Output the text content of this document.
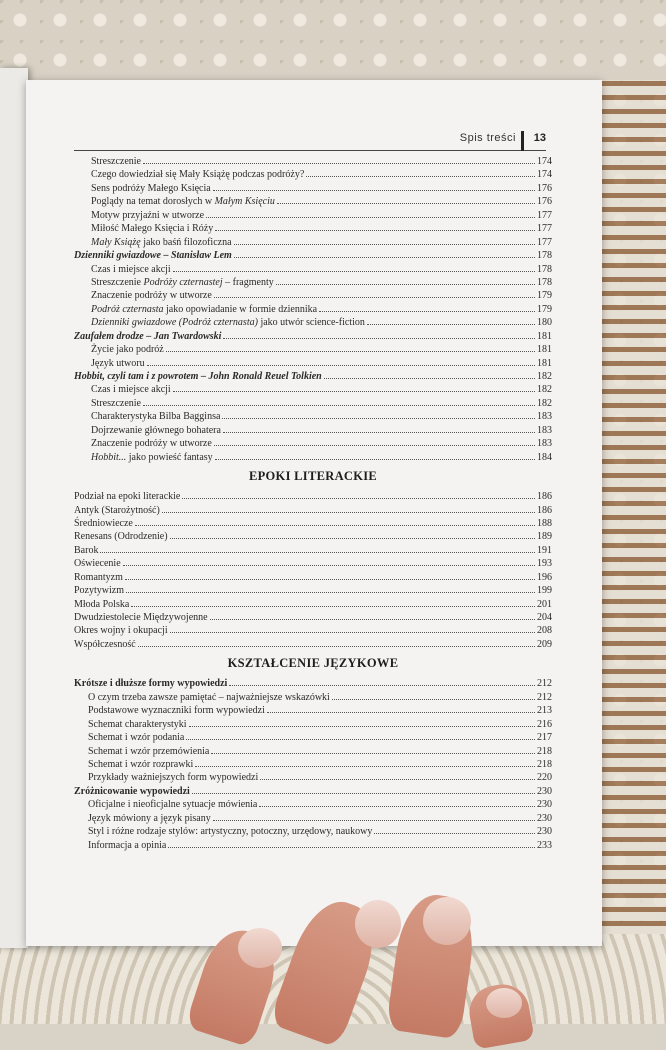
Spis treści 13
Streszczenie	174
Czego dowiedział się Mały Książę podczas podróży?	174
Sens podróży Małego Księcia	176
Poglądy na temat dorosłych w Małym Księciu	176
Motyw przyjaźni w utworze	177
Miłość Małego Księcia i Róży	177
Mały Książę jako baśń filozoficzna	177
Dzienniki gwiazdowe – Stanisław Lem	178
Czas i miejsce akcji	178
Streszczenie Podróży czternastej – fragmenty	178
Znaczenie podróży w utworze	179
Podróż czternasta jako opowiadanie w formie dziennika	179
Dzienniki gwiazdowe (Podróż czternasta) jako utwór science-fiction	180
Zaufałem drodze – Jan Twardowski	181
Życie jako podróż	181
Język utworu	181
Hobbit, czyli tam i z powrotem – John Ronald Reuel Tolkien	182
Czas i miejsce akcji	182
Streszczenie	182
Charakterystyka Bilba Bagginsa	183
Dojrzewanie głównego bohatera	183
Znaczenie podróży w utworze	183
Hobbit... jako powieść fantasy	184
EPOKI LITERACKIE
Podział na epoki literackie	186
Antyk (Starożytność)	186
Średniowiecze	188
Renesans (Odrodzenie)	189
Barok	191
Oświecenie	193
Romantyzm	196
Pozytywizm	199
Młoda Polska	201
Dwudziestolecie Międzywojenne	204
Okres wojny i okupacji	208
Współczesność	209
KSZTAŁCENIE JĘZYKOWE
Krótsze i dłuższe formy wypowiedzi	212
O czym trzeba zawsze pamiętać – najważniejsze wskazówki	212
Podstawowe wyznaczniki form wypowiedzi	213
Schemat charakterystyki	216
Schemat i wzór podania	217
Schemat i wzór przemówienia	218
Schemat i wzór rozprawki	218
Przykłady ważniejszych form wypowiedzi	220
Zróżnicowanie wypowiedzi	230
Oficjalne i nieoficjalne sytuacje mówienia	230
Język mówiony a język pisany	230
Styl i różne rodzaje stylów: artystyczny, potoczny, urzędowy, naukowy	230
Informacja a opinia	233
